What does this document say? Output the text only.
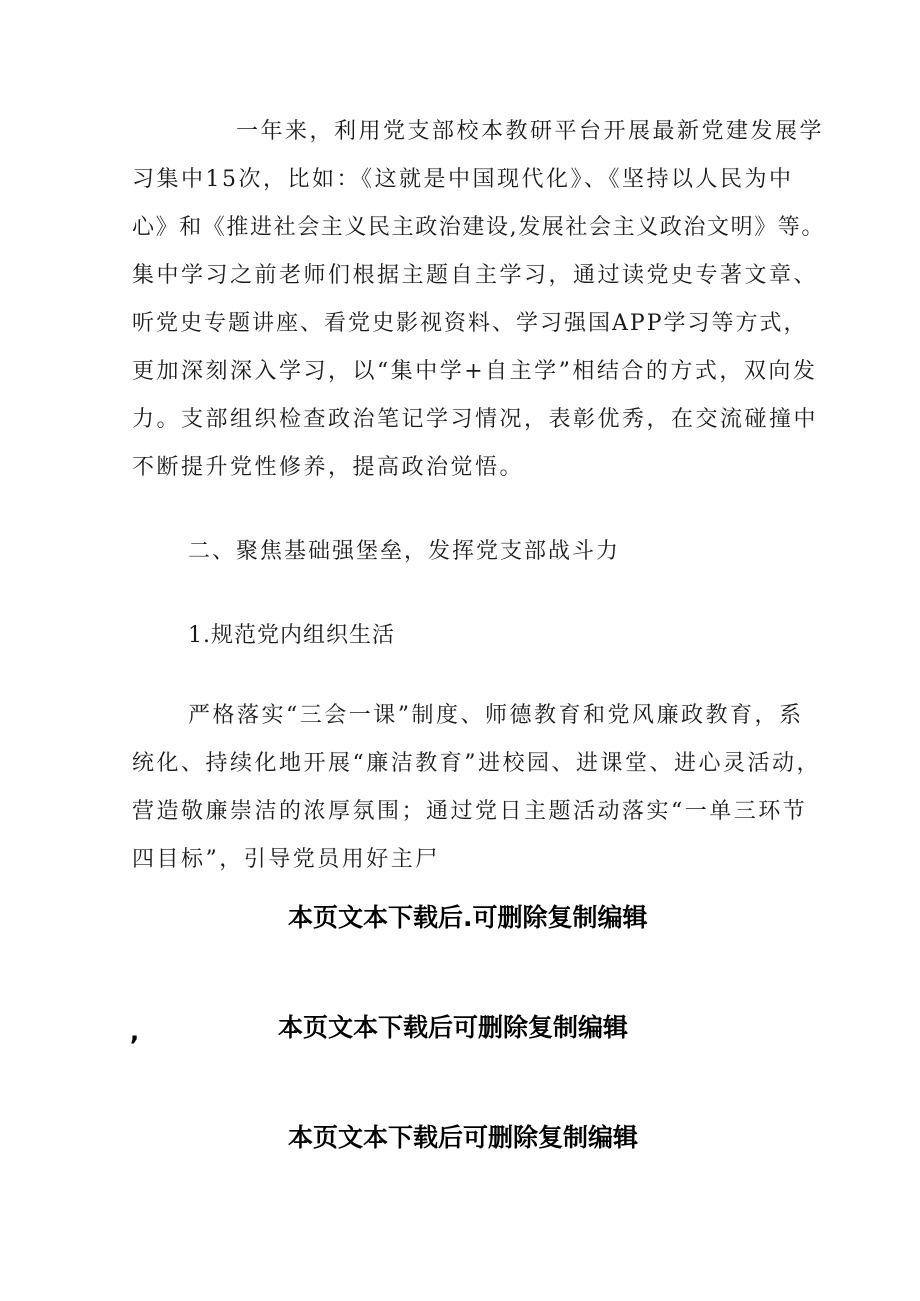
一年来，利用党支部校本教研平台开展最新党建发展学
习集中15次，比如：《这就是中国现代化》、《坚持以人民为中
心》和《推进社会主义民主政治建设,发展社会主义政治文明》等。
集中学习之前老师们根据主题自主学习，通过读党史专著文章、
听党史专题讲座、看党史影视资料、学习强国APP学习等方式，
更加深刻深入学习，以“集中学+自主学”相结合的方式，双向发
力。支部组织检查政治笔记学习情况，表彰优秀，在交流碰撞中
不断提升党性修养，提高政治觉悟。
二、聚焦基础强堡垒，发挥党支部战斗力
1.规范党内组织生活
严格落实“三会一课”制度、师德教育和党风廉政教育，系
统化、持续化地开展“廉洁教育”进校园、进课堂、进心灵活动，
营造敬廉崇洁的浓厚氛围；通过党日主题活动落实“一单三环节
四目标”，引导党员用好主尸
本页文本下载后.可删除复制编辑
,	本页文本下载后可删除复制编辑
本页文本下载后可删除复制编辑
